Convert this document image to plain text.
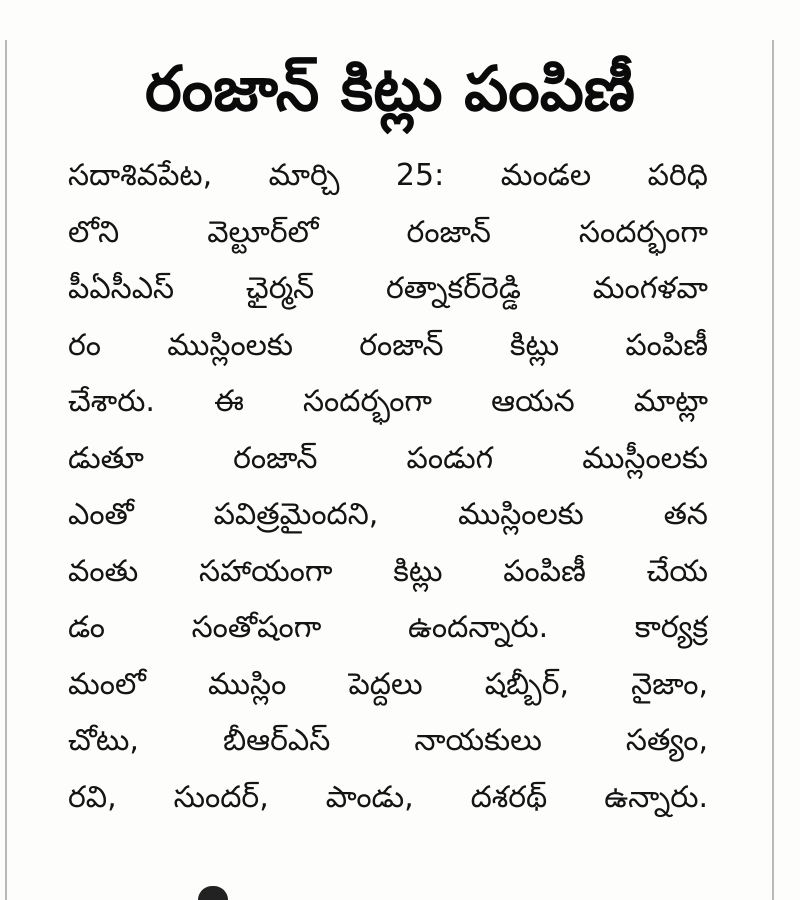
రంజాన్ కిట్లు పంపిణీ
సదాశివపేట, మార్చి 25: మండల పరిధి
లోని వెల్టూర్‌లో రంజాన్ సందర్భంగా
పీఏసీఎస్ ఛైర్మన్ రత్నాకర్‌రెడ్డి మంగళవా
రం ముస్లింలకు రంజాన్ కిట్లు పంపిణీ
చేశారు. ఈ సందర్భంగా ఆయన మాట్లా
డుతూ రంజాన్ పండుగ ముస్లీంలకు
ఎంతో పవిత్రమైందని, ముస్లింలకు తన
వంతు సహాయంగా కిట్లు పంపిణీ చేయ
డం సంతోషంగా ఉందన్నారు. కార్యక్ర
మంలో ముస్లిం పెద్దలు షబ్బీర్, నైజాం,
చోటు, బీఆర్ఎస్ నాయకులు సత్యం,
రవి, సుందర్, పాండు, దశరథ్ ఉన్నారు.
